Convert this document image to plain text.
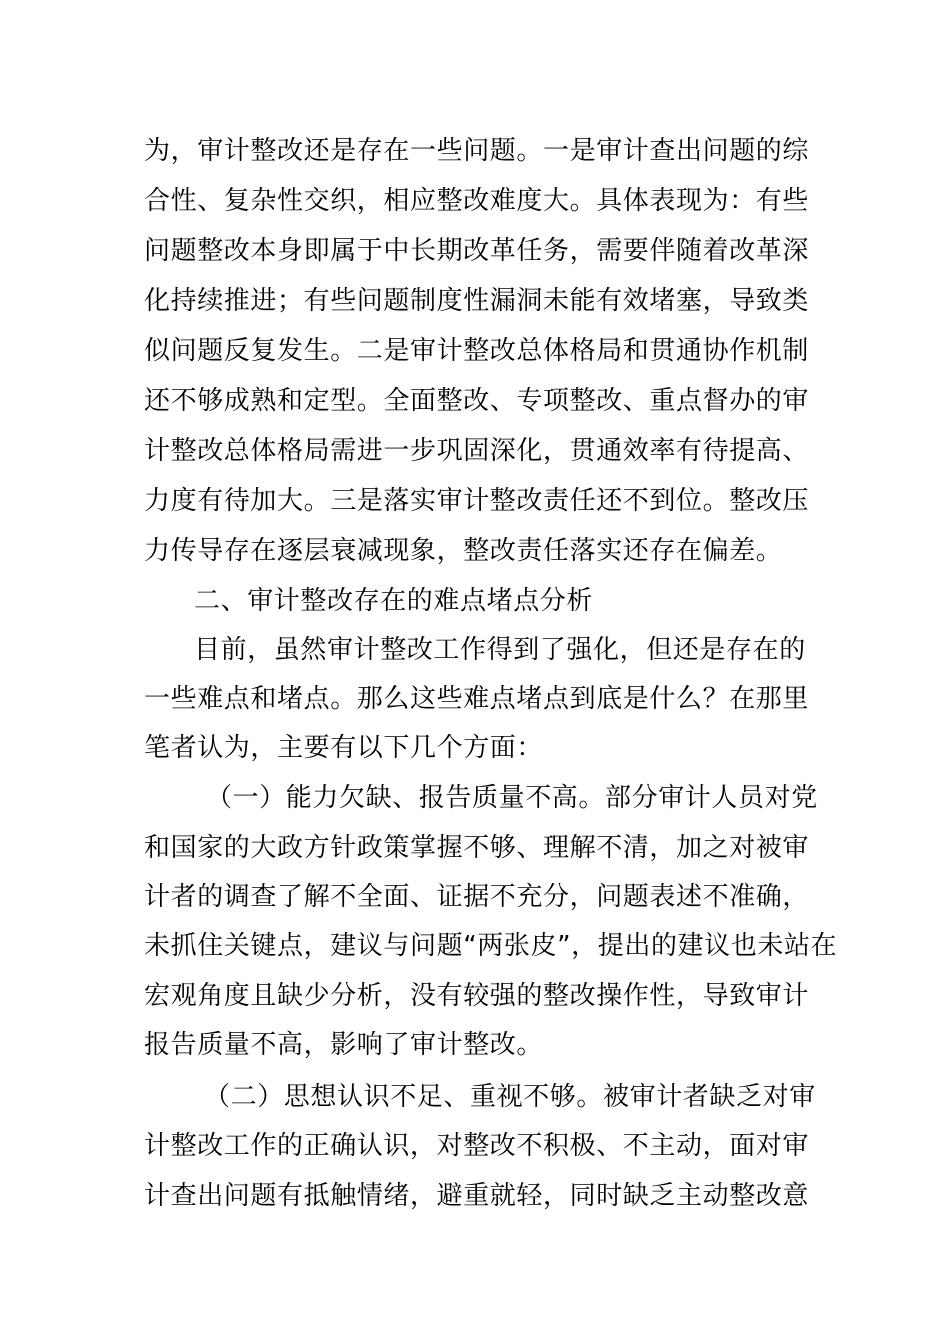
为，审计整改还是存在一些问题。一是审计查出问题的综
合性、复杂性交织，相应整改难度大。具体表现为：有些
问题整改本身即属于中长期改革任务，需要伴随着改革深
化持续推进；有些问题制度性漏洞未能有效堵塞，导致类
似问题反复发生。二是审计整改总体格局和贯通协作机制
还不够成熟和定型。全面整改、专项整改、重点督办的审
计整改总体格局需进一步巩固深化，贯通效率有待提高、
力度有待加大。三是落实审计整改责任还不到位。整改压
力传导存在逐层衰减现象，整改责任落实还存在偏差。
二、审计整改存在的难点堵点分析
目前，虽然审计整改工作得到了强化，但还是存在的
一些难点和堵点。那么这些难点堵点到底是什么？在那里
笔者认为，主要有以下几个方面：
（一）能力欠缺、报告质量不高。部分审计人员对党
和国家的大政方针政策掌握不够、理解不清，加之对被审
计者的调查了解不全面、证据不充分，问题表述不准确，
未抓住关键点，建议与问题“两张皮”，提出的建议也未站在
宏观角度且缺少分析，没有较强的整改操作性，导致审计
报告质量不高，影响了审计整改。
（二）思想认识不足、重视不够。被审计者缺乏对审
计整改工作的正确认识，对整改不积极、不主动，面对审
计查出问题有抵触情绪，避重就轻，同时缺乏主动整改意
